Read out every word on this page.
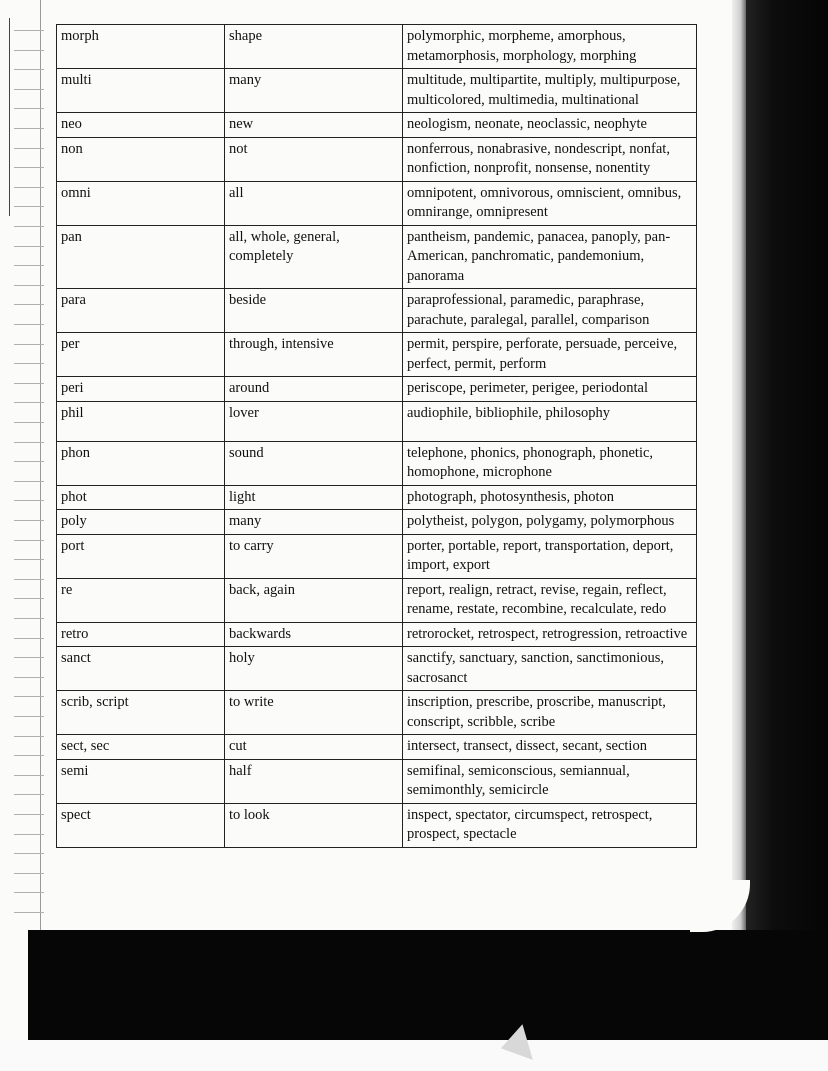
morph	shape	polymorphic, morpheme, amorphous, metamorphosis, morphology, morphing
multi	many	multitude, multipartite, multiply, multipurpose, multicolored, multimedia, multinational
neo	new	neologism, neonate, neoclassic, neophyte
non	not	nonferrous, nonabrasive, nondescript, nonfat, nonfiction, nonprofit, nonsense, nonentity
omni	all	omnipotent, omnivorous, omniscient, omnibus, omnirange, omnipresent
pan	all, whole, general, completely	pantheism, pandemic, panacea, panoply, pan-American, panchromatic, pandemonium, panorama
para	beside	paraprofessional, paramedic, paraphrase, parachute, paralegal, parallel, comparison
per	through, intensive	permit, perspire, perforate, persuade, perceive, perfect, permit, perform
peri	around	periscope, perimeter, perigee, periodontal
phil	lover	audiophile, bibliophile, philosophy
phon	sound	telephone, phonics, phonograph, phonetic, homophone, microphone
phot	light	photograph, photosynthesis, photon
poly	many	polytheist, polygon, polygamy, polymorphous
port	to carry	porter, portable, report, transportation, deport, import, export
re	back, again	report, realign, retract, revise, regain, reflect, rename, restate, recombine, recalculate, redo
retro	backwards	retrorocket, retrospect, retrogression, retroactive
sanct	holy	sanctify, sanctuary, sanction, sanctimonious, sacrosanct
scrib, script	to write	inscription, prescribe, proscribe, manuscript, conscript, scribble, scribe
sect, sec	cut	intersect, transect, dissect, secant, section
semi	half	semifinal, semiconscious, semiannual, semimonthly, semicircle
spect	to look	inspect, spectator, circumspect, retrospect, prospect, spectacle
